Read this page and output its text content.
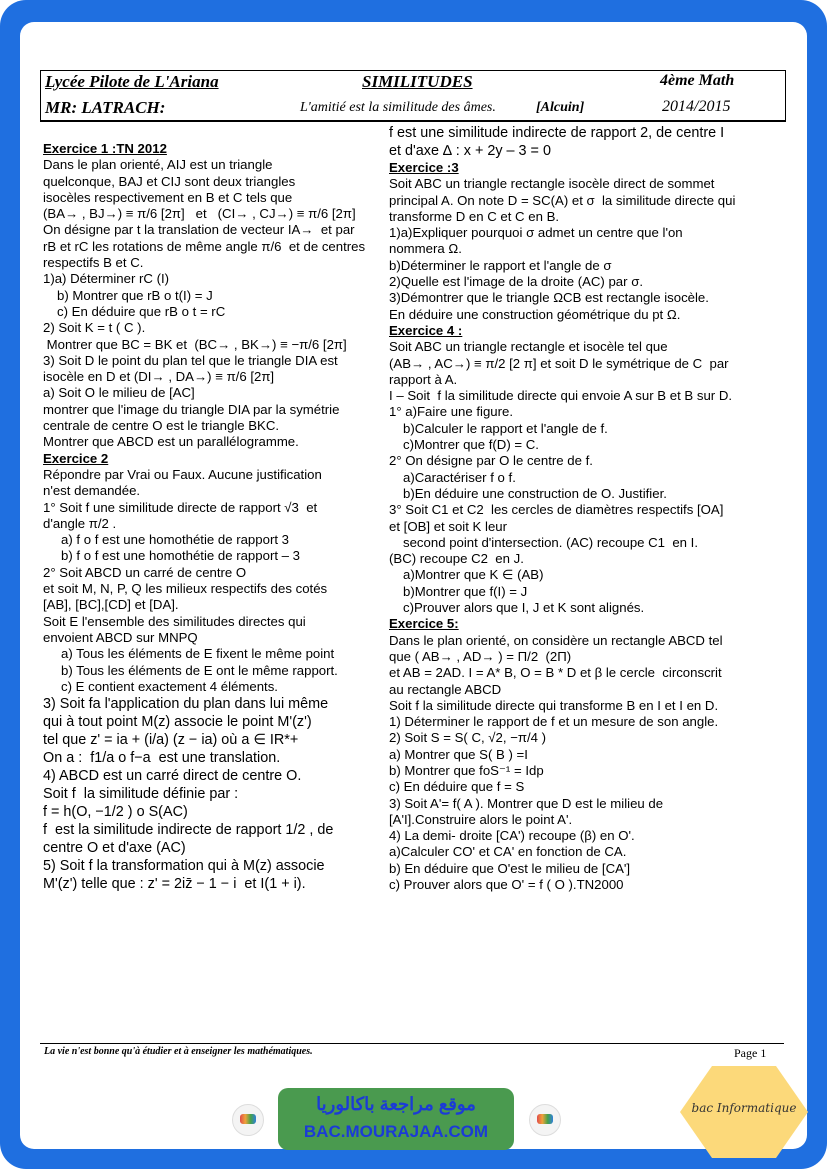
Lycée Pilote de L'Ariana	SIMILITUDES	4ème Math
MR: LATRACH:	L'amitié est la similitude des âmes.	[Alcuin]	2014/2015

Exercice 1 :TN 2012

Dans le plan orienté, AIJ est un triangle

quelconque, BAJ et CIJ sont deux triangles

isocèles respectivement en B et C tels que

(BA→ , BJ→) ≡ π/6 [2π]   et   (CI→ , CJ→) ≡ π/6 [2π]

On désigne par t la translation de vecteur IA→  et par

rB et rC les rotations de même angle π/6  et de centres

respectifs B et C.

1)a) Déterminer rC (I)

b) Montrer que rB o t(I) = J

c) En déduire que rB o t = rC

2) Soit K = t ( C ).

Montrer que BC = BK et  (BC→ , BK→) ≡ −π/6 [2π]

3) Soit D le point du plan tel que le triangle DIA est

isocèle en D et (DI→ , DA→) ≡ π/6 [2π]

a) Soit O le milieu de [AC]

montrer que l'image du triangle DIA par la symétrie

centrale de centre O est le triangle BKC.

Montrer que ABCD est un parallélogramme.

Exercice 2

Répondre par Vrai ou Faux. Aucune justification

n'est demandée.

1° Soit f une similitude directe de rapport √3  et

d'angle π/2 .

a) f o f est une homothétie de rapport 3

b) f o f est une homothétie de rapport – 3

2° Soit ABCD un carré de centre O

et soit M, N, P, Q les milieux respectifs des cotés

[AB], [BC],[CD] et [DA].

Soit E l'ensemble des similitudes directes qui

envoient ABCD sur MNPQ

a) Tous les éléments de E fixent le même point

b) Tous les éléments de E ont le même rapport.

c) E contient exactement 4 éléments.

3) Soit fa l'application du plan dans lui même

qui à tout point M(z) associe le point M'(z')

tel que z' = ia + (i/a) (z − ia) où a ∈ IR*+

On a :  f1/a o f−a  est une translation.

4) ABCD est un carré direct de centre O.

Soit f  la similitude définie par :

f = h(O, −1/2 ) o S(AC)

f  est la similitude indirecte de rapport 1/2 , de

centre O et d'axe (AC)

5) Soit f la transformation qui à M(z) associe

M'(z') telle que : z' = 2iz̄ − 1 − i  et I(1 + i).

f est une similitude indirecte de rapport 2, de centre I

et d'axe ∆ : x + 2y – 3 = 0

Exercice :3

Soit ABC un triangle rectangle isocèle direct de sommet

principal A. On note D = SC(A) et σ  la similitude directe qui

transforme D en C et C en B.

1)a)Expliquer pourquoi σ admet un centre que l'on

nommera Ω.

b)Déterminer le rapport et l'angle de σ

2)Quelle est l'image de la droite (AC) par σ.

3)Démontrer que le triangle ΩCB est rectangle isocèle.

En déduire une construction géométrique du pt Ω.

Exercice 4 :

Soit ABC un triangle rectangle et isocèle tel que

(AB→ , AC→) ≡ π/2 [2 π] et soit D le symétrique de C  par

rapport à A.

I – Soit  f la similitude directe qui envoie A sur B et B sur D.

1° a)Faire une figure.

b)Calculer le rapport et l'angle de f.

c)Montrer que f(D) = C.

2° On désigne par O le centre de f.

a)Caractériser f o f.

b)En déduire une construction de O. Justifier.

3° Soit C1 et C2  les cercles de diamètres respectifs [OA]

et [OB] et soit K leur

second point d'intersection. (AC) recoupe C1  en I.

(BC) recoupe C2  en J.

a)Montrer que K ∈ (AB)

b)Montrer que f(I) = J

c)Prouver alors que I, J et K sont alignés.

Exercice 5:

Dans le plan orienté, on considère un rectangle ABCD tel

que ( AB→ , AD→ ) = Π/2  (2Π)

et AB = 2AD. I = A* B, O = B * D et β le cercle  circonscrit

au rectangle ABCD

Soit f la similitude directe qui transforme B en I et I en D.

1) Déterminer le rapport de f et un mesure de son angle.

2) Soit S = S( C, √2, −π/4 )

a) Montrer que S( B ) =I

b) Montrer que foS⁻¹ = Idp

c) En déduire que f = S

3) Soit A'= f( A ). Montrer que D est le milieu de

[A'I].Construire alors le point A'.

4) La demi- droite [CA') recoupe (β) en O'.

a)Calculer CO' et CA' en fonction de CA.

b) En déduire que O'est le milieu de [CA']

c) Prouver alors que O' = f ( O ).TN2000

La vie n'est bonne qu'à étudier et à enseigner les mathématiques.	Page 1
موقع مراجعة باكالوريا
BAC.MOURAJAA.COM
bac Informatique
